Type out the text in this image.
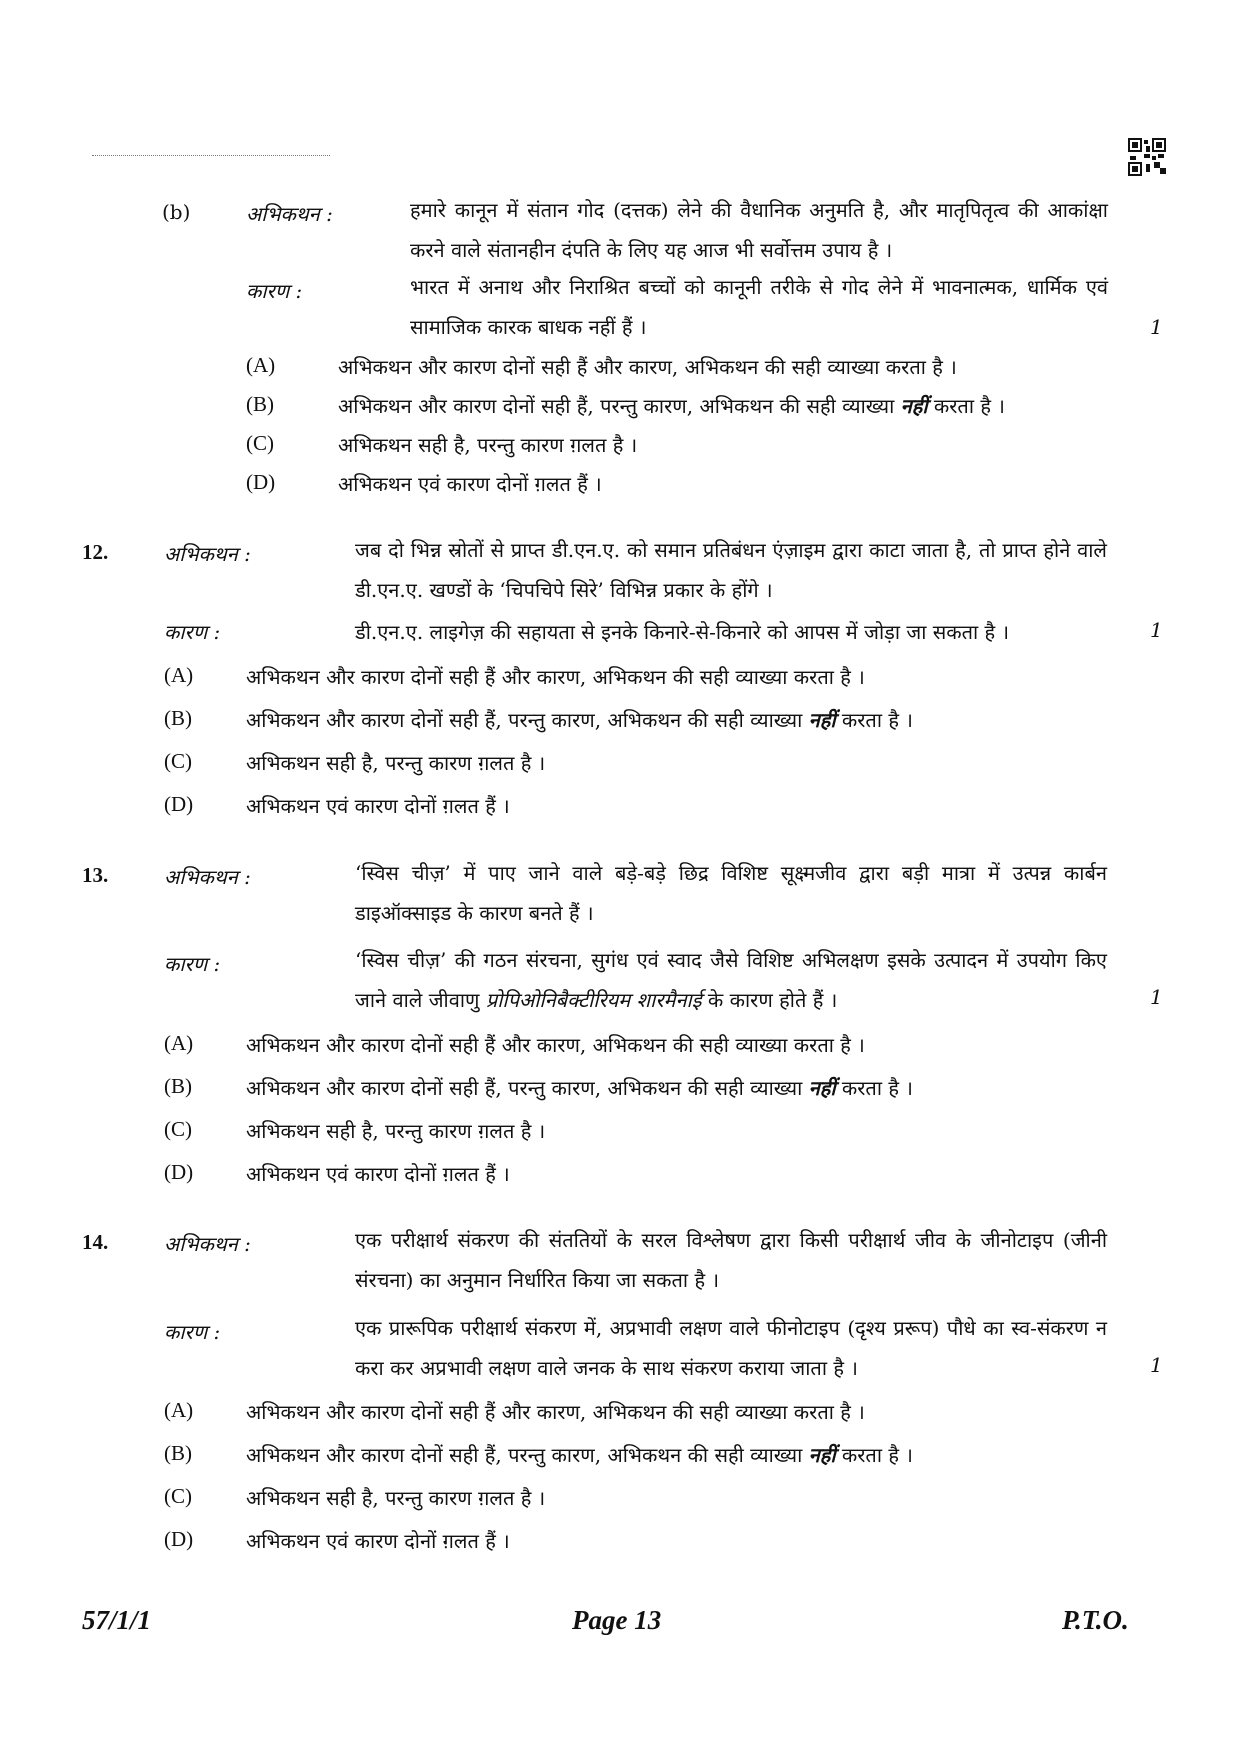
(b)	अभिकथन :	हमारे कानून में संतान गोद (दत्तक) लेने की वैधानिक अनुमति है, और मातृपितृत्व की आकांक्षा करने वाले संतानहीन दंपति के लिए यह आज भी सर्वोत्तम उपाय है ।
कारण :	भारत में अनाथ और निराश्रित बच्चों को कानूनी तरीके से गोद लेने में भावनात्मक, धार्मिक एवं सामाजिक कारक बाधक नहीं हैं ।	1
(A)	अभिकथन और कारण दोनों सही हैं और कारण, अभिकथन की सही व्याख्या करता है ।
(B)	अभिकथन और कारण दोनों सही हैं, परन्तु कारण, अभिकथन की सही व्याख्या नहीं करता है ।
(C)	अभिकथन सही है, परन्तु कारण ग़लत है ।
(D)	अभिकथन एवं कारण दोनों ग़लत हैं ।
12.	अभिकथन :	जब दो भिन्न स्रोतों से प्राप्त डी.एन.ए. को समान प्रतिबंधन एंज़ाइम द्वारा काटा जाता है, तो प्राप्त होने वाले डी.एन.ए. खण्डों के ‘चिपचिपे सिरे’ विभिन्न प्रकार के होंगे ।
कारण :	डी.एन.ए. लाइगेज़ की सहायता से इनके किनारे-से-किनारे को आपस में जोड़ा जा सकता है ।	1
(A)	अभिकथन और कारण दोनों सही हैं और कारण, अभिकथन की सही व्याख्या करता है ।
(B)	अभिकथन और कारण दोनों सही हैं, परन्तु कारण, अभिकथन की सही व्याख्या नहीं करता है ।
(C)	अभिकथन सही है, परन्तु कारण ग़लत है ।
(D)	अभिकथन एवं कारण दोनों ग़लत हैं ।
13.	अभिकथन :	‘स्विस चीज़’ में पाए जाने वाले बड़े-बड़े छिद्र विशिष्ट सूक्ष्मजीव द्वारा बड़ी मात्रा में उत्पन्न कार्बन डाइऑक्साइड के कारण बनते हैं ।
कारण :	‘स्विस चीज़’ की गठन संरचना, सुगंध एवं स्वाद जैसे विशिष्ट अभिलक्षण इसके उत्पादन में उपयोग किए जाने वाले जीवाणु प्रोपिओनिबैक्टीरियम शारमैनाई के कारण होते हैं ।	1
(A)	अभिकथन और कारण दोनों सही हैं और कारण, अभिकथन की सही व्याख्या करता है ।
(B)	अभिकथन और कारण दोनों सही हैं, परन्तु कारण, अभिकथन की सही व्याख्या नहीं करता है ।
(C)	अभिकथन सही है, परन्तु कारण ग़लत है ।
(D)	अभिकथन एवं कारण दोनों ग़लत हैं ।
14.	अभिकथन :	एक परीक्षार्थ संकरण की संततियों के सरल विश्लेषण द्वारा किसी परीक्षार्थ जीव के जीनोटाइप (जीनी संरचना) का अनुमान निर्धारित किया जा सकता है ।
कारण :	एक प्रारूपिक परीक्षार्थ संकरण में, अप्रभावी लक्षण वाले फीनोटाइप (दृश्य प्ररूप) पौधे का स्व-संकरण न करा कर अप्रभावी लक्षण वाले जनक के साथ संकरण कराया जाता है ।	1
(A)	अभिकथन और कारण दोनों सही हैं और कारण, अभिकथन की सही व्याख्या करता है ।
(B)	अभिकथन और कारण दोनों सही हैं, परन्तु कारण, अभिकथन की सही व्याख्या नहीं करता है ।
(C)	अभिकथन सही है, परन्तु कारण ग़लत है ।
(D)	अभिकथन एवं कारण दोनों ग़लत हैं ।
57/1/1	Page 13	P.T.O.
